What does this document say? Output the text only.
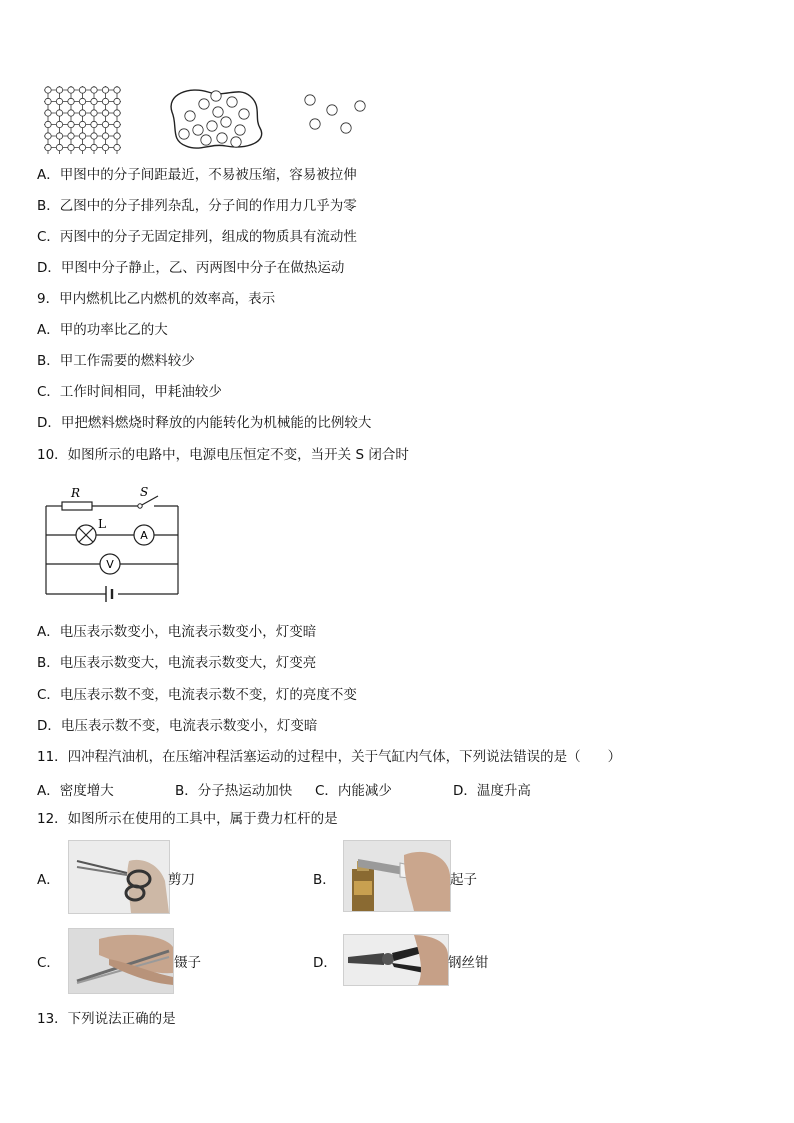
A．甲图中的分子间距最近，不易被压缩，容易被拉伸
B．乙图中的分子排列杂乱，分子间的作用力几乎为零
C．丙图中的分子无固定排列，组成的物质具有流动性
D．甲图中分子静止，乙、丙两图中分子在做热运动
9．甲内燃机比乙内燃机的效率高，表示
A．甲的功率比乙的大
B．甲工作需要的燃料较少
C．工作时间相同，甲耗油较少
D．甲把燃料燃烧时释放的内能转化为机械能的比例较大
10．如图所示的电路中，电源电压恒定不变，当开关 S 闭合时
R	S
L
A
V
A．电压表示数变小，电流表示数变小，灯变暗
B．电压表示数变大，电流表示数变大，灯变亮
C．电压表示数不变，电流表示数不变，灯的亮度不变
D．电压表示数不变，电流表示数变小，灯变暗
11．四冲程汽油机，在压缩冲程活塞运动的过程中，关于气缸内气体，下列说法错误的是（　　）
A．密度增大	B．分子热运动加快 C．内能减少	D．温度升高
12．如图所示在使用的工具中，属于费力杠杆的是
A．	剪刀	B．	起子
C．	镊子	D．	钢丝钳
13．下列说法正确的是
